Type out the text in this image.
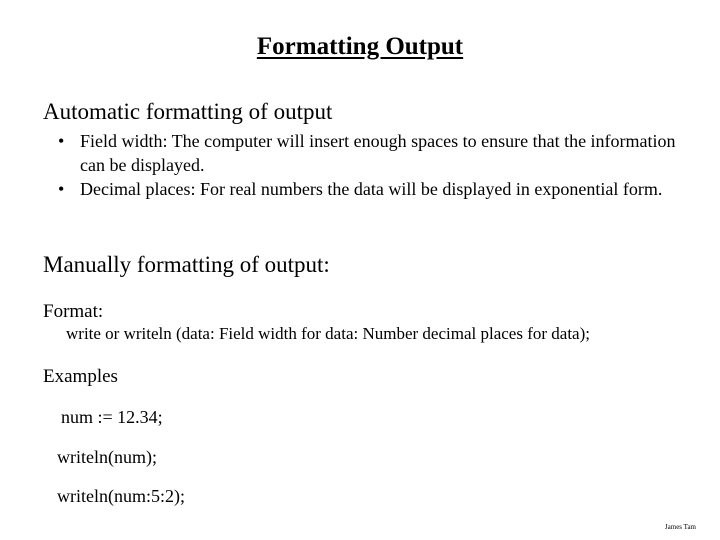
Formatting Output
Automatic formatting of output
• Field width: The computer will insert enough spaces to ensure that the information can be displayed.
• Decimal places: For real numbers the data will be displayed in exponential form.
Manually formatting of output:
Format:
write or writeln (data: Field width for data: Number decimal places for data);
Examples
num := 12.34;
writeln(num);
writeln(num:5:2);
James Tam
